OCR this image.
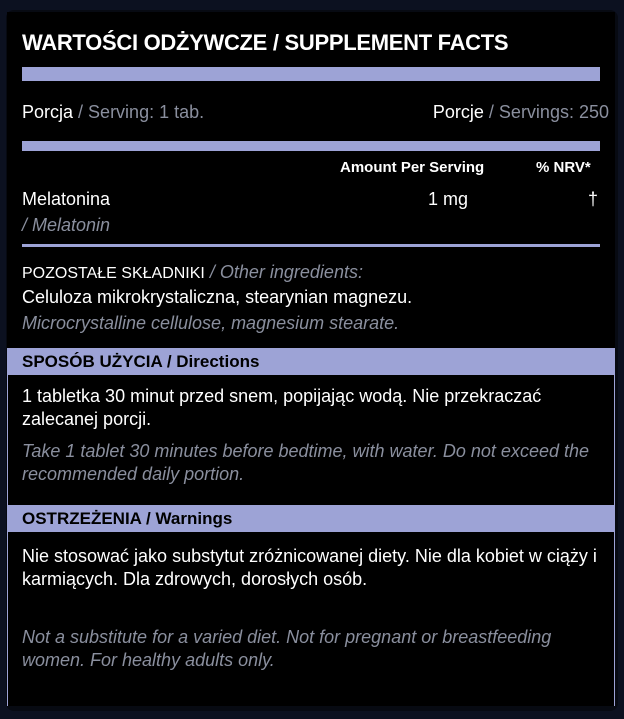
WARTOŚCI ODŻYWCZE / SUPPLEMENT FACTS
Porcja / Serving: 1 tab.	Porcje / Servings: 250
Amount Per Serving	% NRV*
Melatonina
/ Melatonin
1 mg	†
POZOSTAŁE SKŁADNIKI / Other ingredients:
Celuloza mikrokrystaliczna, stearynian magnezu.
Microcrystalline cellulose, magnesium stearate.
SPOSÓB UŻYCIA / Directions
1 tabletka 30 minut przed snem, popijając wodą. Nie przekraczać zalecanej porcji.
Take 1 tablet 30 minutes before bedtime, with water. Do not exceed the recommended daily portion.
OSTRZEŻENIA / Warnings
Nie stosować jako substytut zróżnicowanej diety. Nie dla kobiet w ciąży i karmiących. Dla zdrowych, dorosłych osób.
Not a substitute for a varied diet. Not for pregnant or breastfeeding women. For healthy adults only.
